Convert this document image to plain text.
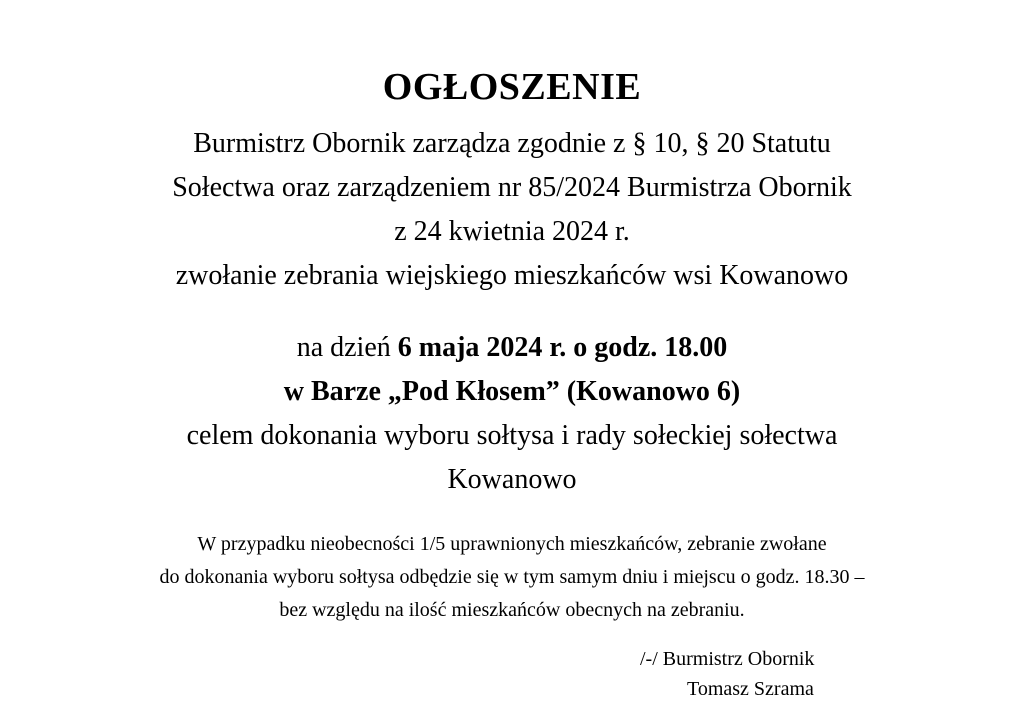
OGŁOSZENIE
Burmistrz Obornik zarządza zgodnie z § 10, § 20 Statutu
Sołectwa oraz zarządzeniem nr 85/2024 Burmistrza Obornik
z 24 kwietnia 2024 r.
zwołanie zebrania wiejskiego mieszkańców wsi Kowanowo
na dzień 6 maja 2024 r. o godz. 18.00
w Barze „Pod Kłosem” (Kowanowo 6)
celem dokonania wyboru sołtysa i rady sołeckiej sołectwa
Kowanowo
W przypadku nieobecności 1/5 uprawnionych mieszkańców, zebranie zwołane
do dokonania wyboru sołtysa odbędzie się w tym samym dniu i miejscu o godz. 18.30 –
bez względu na ilość mieszkańców obecnych na zebraniu.
/-/ Burmistrz Obornik
Tomasz Szrama
